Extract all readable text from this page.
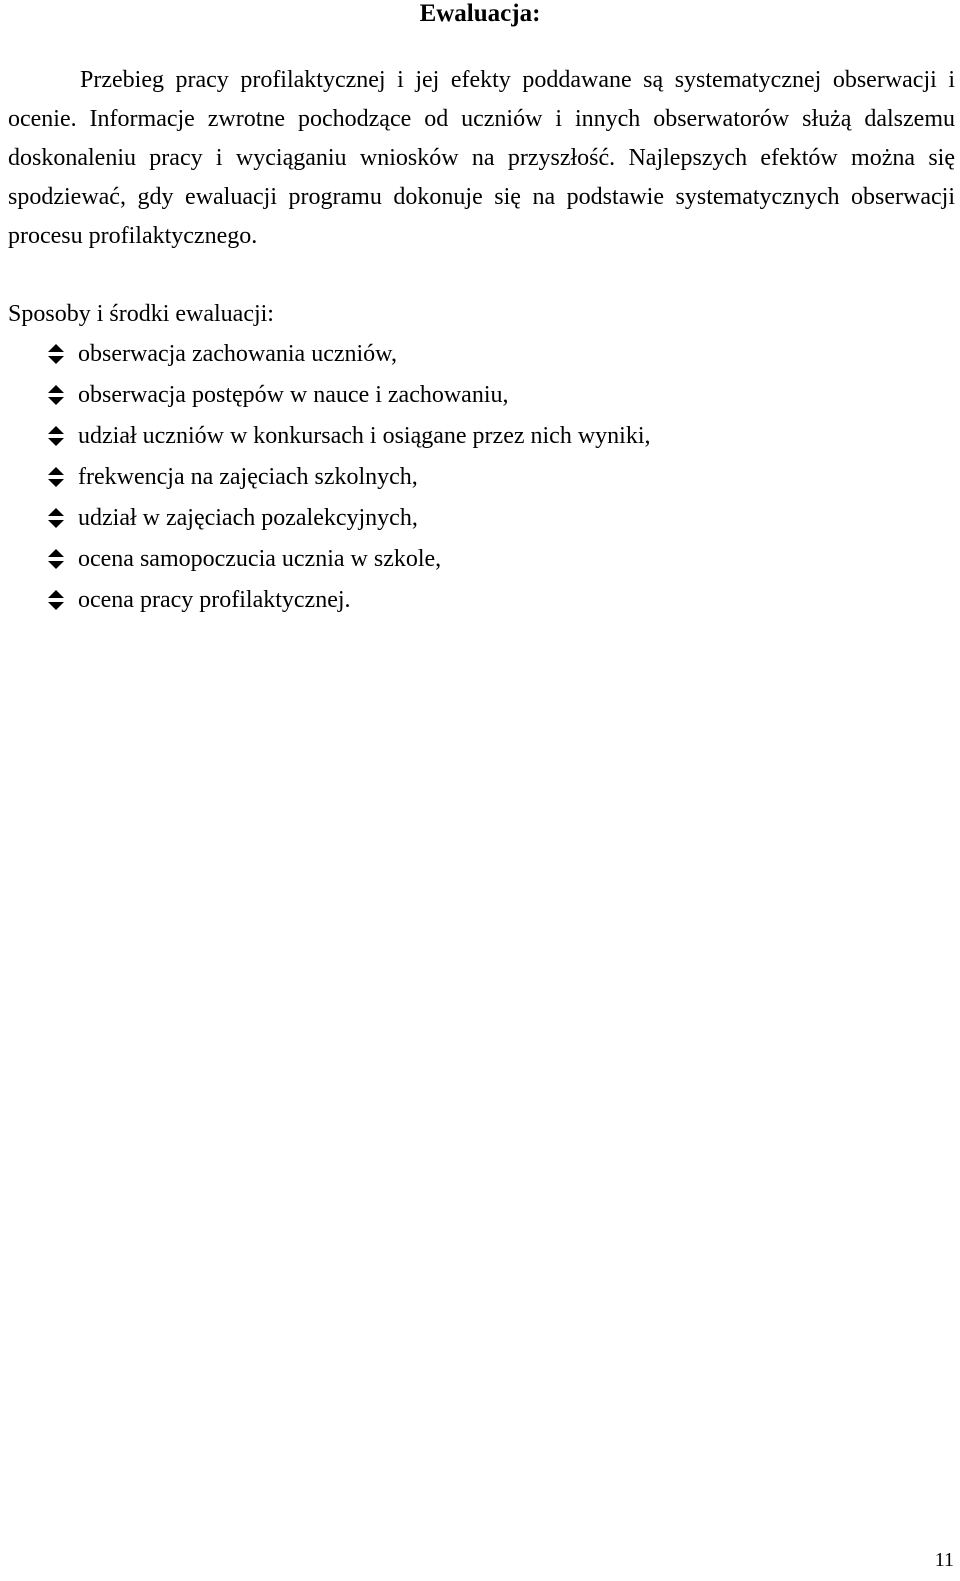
Ewaluacja:

Przebieg pracy profilaktycznej i jej efekty poddawane są systematycznej obserwacji i ocenie. Informacje zwrotne pochodzące od uczniów i innych obserwatorów służą dalszemu doskonaleniu pracy i wyciąganiu wniosków na przyszłość. Najlepszych efektów można się spodziewać, gdy ewaluacji programu dokonuje się na podstawie systematycznych obserwacji procesu profilaktycznego.

Sposoby i środki ewaluacji:

obserwacja zachowania uczniów,
obserwacja postępów w nauce i zachowaniu,
udział uczniów w konkursach i osiągane przez nich wyniki,
frekwencja na zajęciach szkolnych,
udział w zajęciach pozalekcyjnych,
ocena samopoczucia ucznia w szkole,
ocena pracy profilaktycznej.

11
